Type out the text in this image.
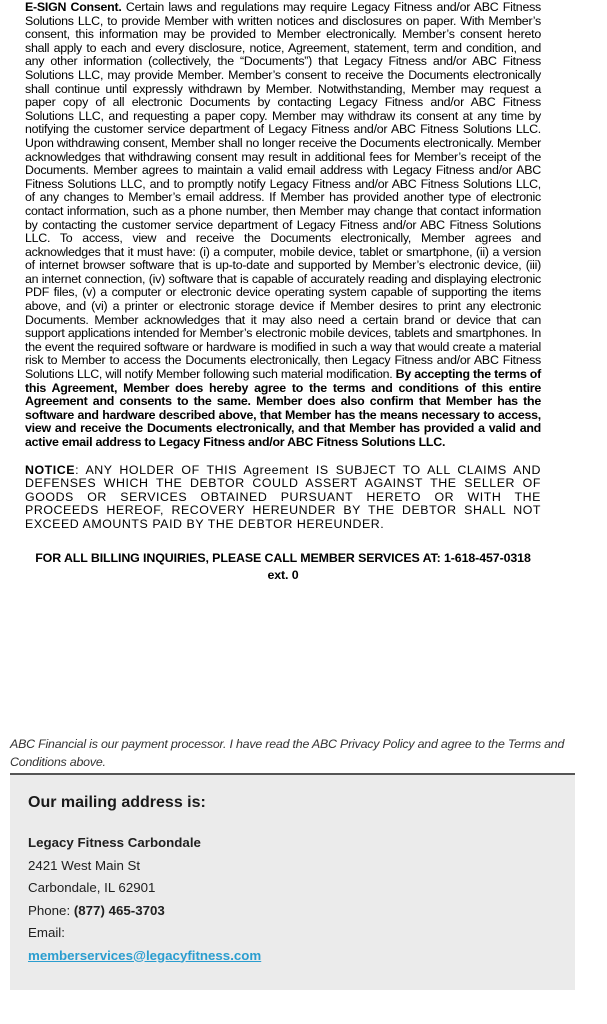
E-SIGN Consent. Certain laws and regulations may require Legacy Fitness and/or ABC Fitness Solutions LLC, to provide Member with written notices and disclosures on paper. With Member’s consent, this information may be provided to Member electronically. Member’s consent hereto shall apply to each and every disclosure, notice, Agreement, statement, term and condition, and any other information (collectively, the “Documents”) that Legacy Fitness and/or ABC Fitness Solutions LLC, may provide Member. Member’s consent to receive the Documents electronically shall continue until expressly withdrawn by Member. Notwithstanding, Member may request a paper copy of all electronic Documents by contacting Legacy Fitness and/or ABC Fitness Solutions LLC, and requesting a paper copy. Member may withdraw its consent at any time by notifying the customer service department of Legacy Fitness and/or ABC Fitness Solutions LLC. Upon withdrawing consent, Member shall no longer receive the Documents electronically. Member acknowledges that withdrawing consent may result in additional fees for Member’s receipt of the Documents. Member agrees to maintain a valid email address with Legacy Fitness and/or ABC Fitness Solutions LLC, and to promptly notify Legacy Fitness and/or ABC Fitness Solutions LLC, of any changes to Member’s email address. If Member has provided another type of electronic contact information, such as a phone number, then Member may change that contact information by contacting the customer service department of Legacy Fitness and/or ABC Fitness Solutions LLC. To access, view and receive the Documents electronically, Member agrees and acknowledges that it must have: (i) a computer, mobile device, tablet or smartphone, (ii) a version of internet browser software that is up-to-date and supported by Member’s electronic device, (iii) an internet connection, (iv) software that is capable of accurately reading and displaying electronic PDF files, (v) a computer or electronic device operating system capable of supporting the items above, and (vi) a printer or electronic storage device if Member desires to print any electronic Documents. Member acknowledges that it may also need a certain brand or device that can support applications intended for Member’s electronic mobile devices, tablets and smartphones. In the event the required software or hardware is modified in such a way that would create a material risk to Member to access the Documents electronically, then Legacy Fitness and/or ABC Fitness Solutions LLC, will notify Member following such material modification. By accepting the terms of this Agreement, Member does hereby agree to the terms and conditions of this entire Agreement and consents to the same. Member does also confirm that Member has the software and hardware described above, that Member has the means necessary to access, view and receive the Documents electronically, and that Member has provided a valid and active email address to Legacy Fitness and/or ABC Fitness Solutions LLC.

NOTICE: ANY HOLDER OF THIS Agreement IS SUBJECT TO ALL CLAIMS AND DEFENSES WHICH THE DEBTOR COULD ASSERT AGAINST THE SELLER OF GOODS OR SERVICES OBTAINED PURSUANT HERETO OR WITH THE PROCEEDS HEREOF, RECOVERY HEREUNDER BY THE DEBTOR SHALL NOT EXCEED AMOUNTS PAID BY THE DEBTOR HEREUNDER.

FOR ALL BILLING INQUIRIES, PLEASE CALL MEMBER SERVICES AT: 1-618-457-0318 ext. 0

ABC Financial is our payment processor. I have read the ABC Privacy Policy and agree to the Terms and Conditions above.
Our mailing address is:
Legacy Fitness Carbondale
2421 West Main St
Carbondale, IL 62901
Phone: (877) 465-3703
Email:
memberservices@legacyfitness.com
